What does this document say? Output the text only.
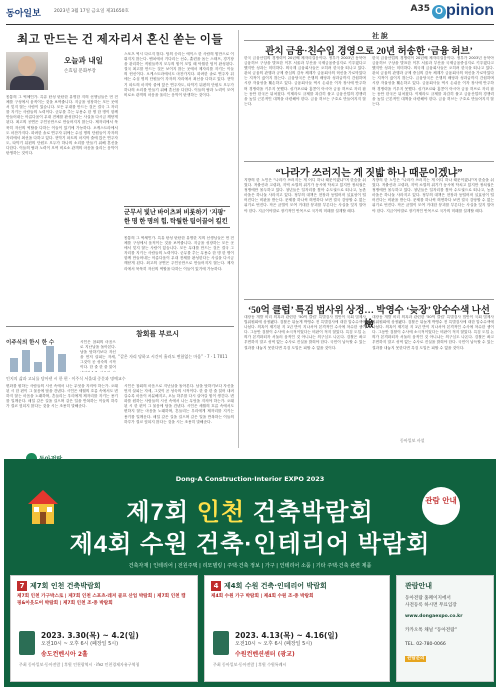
동아일보	2023년 3월 17일 금요일 제31650호	A35 O pinion
최고 만드는 건 제자리서 혼신 쏟는 이들
오늘과 내일
손효림 문화부장
몸통의 그 역체인가. 특유 탄성 탄탄한 유명한 지의 선생님들은 먼 전체를 구성에서 움직이는 것을 보여줍니다. 지금을 성장하는 모든 곳에서 잊지 않는 사람이 있습니다. 모든 무대를 만드는 것은 결국 그 자리를 지키는 사람들의 노력이다. 군무를 추는 무용수 한 명 한 명이 함께 만들어내는 아름다움이 무대 전체를 완성한다는 사실을 다시금 깨닫게 된다. 최고의 공연은 주인공만으로 만들어지지 않는다. 제자리에서 묵묵히 자신의 역할을 다하는 이들이 있기에 가능하다. 오케스트라에서도 마찬가지다. 화려한 솔로 연주자 뒤에는 수십 명의 단원들이 각자의 자리에서 최선을 다하고 있다. 현악기 파트의 마지막 줄에 앉은 연주자도, 타악기 뒤편의 단원도 모두가 하나의 소리를 만들기 위해 혼신을 다한다. 이들의 땀과 노력이 모여 비로소 관객의 마음을 울리는 음악이 탄생하는 것이다.
스포츠 역시 다르지 않다. 팀의 승리는 에이스 한 사람의 힘만으로 이뤄지지 않는다. 벤치에서 기다리는 선수, 훈련을 돕는 스태프, 경기장을 관리하는 직원들까지 모두의 힘이 모일 때 탁월한 팀이 완성된다. 결국 최고를 만드는 것은 보이지 않는 곳에서 제자리를 지키는 이들의 헌신이다. 오케스트라에서도 마찬가지다. 화려한 솔로 연주자 뒤에는 수십 명의 단원들이 각자의 자리에서 최선을 다하고 있다. 현악기 파트의 마지막 줄에 앉은 연주자도, 타악기 뒤편의 단원도 모두가 하나의 소리를 만들기 위해 혼신을 다한다. 이들의 땀과 노력이 모여 비로소 관객의 마음을 울리는 음악이 탄생하는 것이다.
군무서 빛난 바이츠퍼 비롯하기 ‘지팡’ 한 명 한 명의 힘, 탁월한 팀이끌어 킬킨
몸통의 그 역체인가. 특유 탄성 탄탄한 유명한 지의 선생님들은 먼 전체를 구성에서 움직이는 것을 보여줍니다. 지금을 성장하는 모든 곳에서 잊지 않는 사람이 있습니다. 모든 무대를 만드는 것은 결국 그 자리를 지키는 사람들의 노력이다. 군무를 추는 무용수 한 명 한 명이 함께 만들어내는 아름다움이 무대 전체를 완성한다는 사실을 다시금 깨닫게 된다. 최고의 공연은 주인공만으로 만들어지지 않는다. 제자리에서 묵묵히 자신의 역할을 다하는 이들이 있기에 가능하다.
이주식의 한시 한 수
참회를 부르시
시인은 참회의 마음으로 지난날을 돌아본다. 남을 탓하기보다 자신을 먼저 살피는 자세, 그것이 곧 성숙의 시작이다. 한 줄 한 줄 읽어
“같은 자리 당하고 시간이 흘러도 변함없는 마음” · 7 · 1 7011
인지의 삶과 고뇌를 담아낸 시 한 편 · 이주식 서울대 중문과 명예교수
변화를 원하는 사람들의 시선 속에서 나는 무엇을 지켜야 하는가. 오래된 시 한 편이 그 물음에 답을 건넨다. 시인은 세월의 흐름 속에서도 변하지 않는 마음을 노래하며, 흔들리는 우리에게 제자리를 지키는 용기를 일깨운다. 매일 같은 길을 걸으며 같은 일을 반복하는 이들의 하루가 결코 헛되지 않다는 것을 시는 조용히 말해준다.
시인은 참회의 마음으로 지난날을 돌아본다. 남을 탓하기보다 자신을 먼저 살피는 자세, 그것이 곧 성숙의 시작이다. 한 줄 한 줄 읽어 내려갈수록 마음이 차분해지고, 오늘 하루를 다시 살아갈 힘이 생긴다. 변화를 원하는 사람들의 시선 속에서 나는 무엇을 지켜야 하는가. 오래된 시 한 편이 그 물음에 답을 건넨다. 시인은 세월의 흐름 속에서도 변하지 않는 마음을 노래하며, 흔들리는 우리에게 제자리를 지키는 용기를 일깨운다. 매일 같은 길을 걸으며 같은 일을 반복하는 이들의 하루가 결코 헛되지 않다는 것을 시는 조용히 말해준다.
社 說
관치 금융·친수입 경영으로 20년 허송한 ‘금융 허브’
한국 금융산업의 경쟁력이 20년째 제자리걸음이다. 정부가 2003년 동북아 금융허브 구상을 발표한 이후 서울과 부산을 국제금융중심지로 키우겠다고 했지만 성과는 미미하다. 외국계 금융회사들은 오히려 한국을 떠나고 있다. 관치 금융의 관행과 규제 중심의 감독 체계가 금융회사의 혁신을 가로막았다는 지적이 끊이지 않는다. 금융당국은 은행의 배당과 성과급까지 간섭하며 시장 자율성을 훼손하고 있다. 금융회사들 역시 손쉬운 이자 장사에 안주하며 경쟁력을 키우지 못했다. 싱가포르와 홍콩이 아시아 금융 허브로 자리 잡는 동안 한국은 뒤처졌다. 이제라도 규제를 과감히 풀고 금융산업의 경쟁력을 높일 근본적인 대책을 마련해야 한다. 금융 허브는 구호로 만들어지지 않는다.
한국 금융산업의 경쟁력이 20년째 제자리걸음이다. 정부가 2003년 동북아 금융허브 구상을 발표한 이후 서울과 부산을 국제금융중심지로 키우겠다고 했지만 성과는 미미하다. 외국계 금융회사들은 오히려 한국을 떠나고 있다. 관치 금융의 관행과 규제 중심의 감독 체계가 금융회사의 혁신을 가로막았다는 지적이 끊이지 않는다. 금융당국은 은행의 배당과 성과급까지 간섭하며 시장 자율성을 훼손하고 있다. 금융회사들 역시 손쉬운 이자 장사에 안주하며 경쟁력을 키우지 못했다. 싱가포르와 홍콩이 아시아 금융 허브로 자리 잡는 동안 한국은 뒤처졌다. 이제라도 규제를 과감히 풀고 금융산업의 경쟁력을 높일 근본적인 대책을 마련해야 한다. 금융 허브는 구호로 만들어지지 않는다.
“나라가 쓰러지는 게 짓밟 하나 때문이겠냐”
지방의 한 노인은 “나라가 쓰러지는 게 어디 하나 때문이겠냐”며 한숨을 쉬었다. 저출산과 고령화, 지역 소멸의 위기가 동시에 닥치고 있지만 정치권은 정쟁에만 몰두하고 있다. 청년들은 일자리를 찾아 수도권으로 떠나고, 농촌 마을은 하나둘 사라지고 있다. 정부의 대책은 현장과 동떨어져 실효성이 떨어진다는 비판을 받는다. 문제를 하나씩 외면하다 보면 결국 감당할 수 없는 위기로 번진다. 작은 균열이 모여 거대한 붕괴를 부른다는 사실을 잊지 말아야 한다. 지금이야말로 장기적인 안목으로 국가의 미래를 설계할 때다.
지방의 한 노인은 “나라가 쓰러지는 게 어디 하나 때문이겠냐”며 한숨을 쉬었다. 저출산과 고령화, 지역 소멸의 위기가 동시에 닥치고 있지만 정치권은 정쟁에만 몰두하고 있다. 청년들은 일자리를 찾아 수도권으로 떠나고, 농촌 마을은 하나둘 사라지고 있다. 정부의 대책은 현장과 동떨어져 실효성이 떨어진다는 비판을 받는다. 문제를 하나씩 외면하다 보면 결국 감당할 수 없는 위기로 번진다. 작은 균열이 모여 거대한 붕괴를 부른다는 사실을 잊지 말아야 한다. 지금이야말로 장기적인 안목으로 국가의 미래를 설계할 때다.
‘50억 클럽’ 특검 법사위 상정… 박영수 ‘늦장’ 압수수색 나선 檢
대장동 개발 비리 의혹과 관련한 ‘50억 클럽’ 특별검사 법안이 국회 법제사법위원회에 상정됐다. 검찰은 뒤늦게 박영수 전 특별검사에 대한 압수수색에 나섰다. 의혹이 제기된 지 1년 반이 지나서야 본격적인 수사에 착수한 셈이다. 그동안 검찰이 수사에 소극적이었다는 비판이 적지 않았다. 특검 도입 논의가 본격화되자 서둘러 움직인 것 아니냐는 의구심도 나온다. 검찰은 좌고우면하지 말고 성역 없는 수사로 진실을 밝혀야 한다. 국민이 납득할 수 있는 결과를 내놓지 못한다면 특검 도입은 피할 수 없을 것이다.
대장동 개발 비리 의혹과 관련한 ‘50억 클럽’ 특별검사 법안이 국회 법제사법위원회에 상정됐다. 검찰은 뒤늦게 박영수 전 특별검사에 대한 압수수색에 나섰다. 의혹이 제기된 지 1년 반이 지나서야 본격적인 수사에 착수한 셈이다. 그동안 검찰이 수사에 소극적이었다는 비판이 적지 않았다. 특검 도입 논의가 본격화되자 서둘러 움직인 것 아니냐는 의구심도 나온다. 검찰은 좌고우면하지 말고 성역 없는 수사로 진실을 밝혀야 한다. 국민이 납득할 수 있는 결과를 내놓지 못한다면 특검 도입은 피할 수 없을 것이다.
동아일보 사설
Dong-A Construction·Interior EXPO 2023
제7회 인천 건축박람회
제4회 수원 건축·인테리어 박람회
관람 안내
건축자재 | 인테리어 | 전원주택 | 리모델링 | 주택·건축 정보 | 가구 | 인테리어 소품 | 기타 주택·건축 관련 제품
7 제7회 인천 건축박람회
제7회 인천 가구박스로 | 제7회 인천 스포츠·레저 골프 산업 박람회 | 제7회 인천 캠핑&아웃도어 박람회 | 제7회 인천 조·중 박람회
2023. 3.30(목) ~ 4.2(일)
오전10시 ~ 오후 6시 (폐장일 5시)
송도컨벤시아 2홀
주최 동아일보·동아전람 | 후원 인천광역시 · ifez 인천경제자유구역청
4 제4회 수원 건축·인테리어 박람회
제4회 수원 가구 박람회 | 제4회 수원 조·중 박람회
2023. 4.13(목) ~ 4.16(일)
오전10시 ~ 오후 6시 (폐장일 5시)
수원컨벤션센터 (광교)
주최 동아일보·동아전람 | 후원 수원특례시
관람안내
동아전람 홈페이지에서
사전등록 하시면 무료입장
www.dongaexpo.co.kr
카카오톡 채널 “동아전람”
TEL. 02-780-0066
관람문의
